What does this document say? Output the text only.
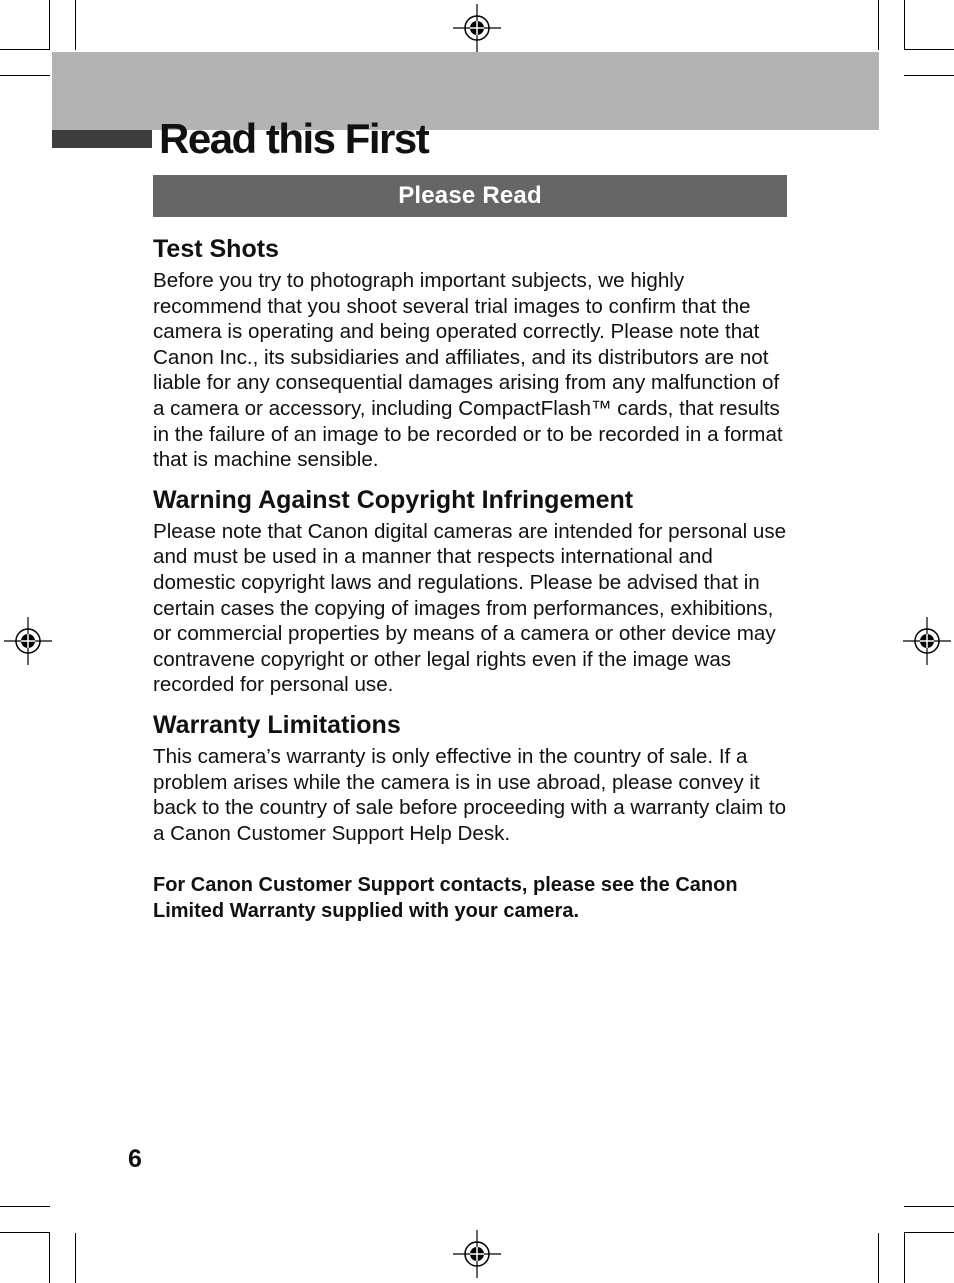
Read this First
Please Read
Test Shots

Before you try to photograph important subjects, we highly recommend that you shoot several trial images to confirm that the camera is operating and being operated correctly. Please note that Canon Inc., its subsidiaries and affiliates, and its distributors are not liable for any consequential damages arising from any malfunction of a camera or accessory, including CompactFlash™ cards, that results in the failure of an image to be recorded or to be recorded in a format that is machine sensible.

Warning Against Copyright Infringement

Please note that Canon digital cameras are intended for personal use and must be used in a manner that respects international and domestic copyright laws and regulations. Please be advised that in certain cases the copying of images from performances, exhibitions, or commercial properties by means of a camera or other device may contravene copyright or other legal rights even if the image was recorded for personal use.

Warranty Limitations

This camera’s warranty is only effective in the country of sale. If a problem arises while the camera is in use abroad, please convey it back to the country of sale before proceeding with a warranty claim to a Canon Customer Support Help Desk.

For Canon Customer Support contacts, please see the Canon Limited Warranty supplied with your camera.

6
